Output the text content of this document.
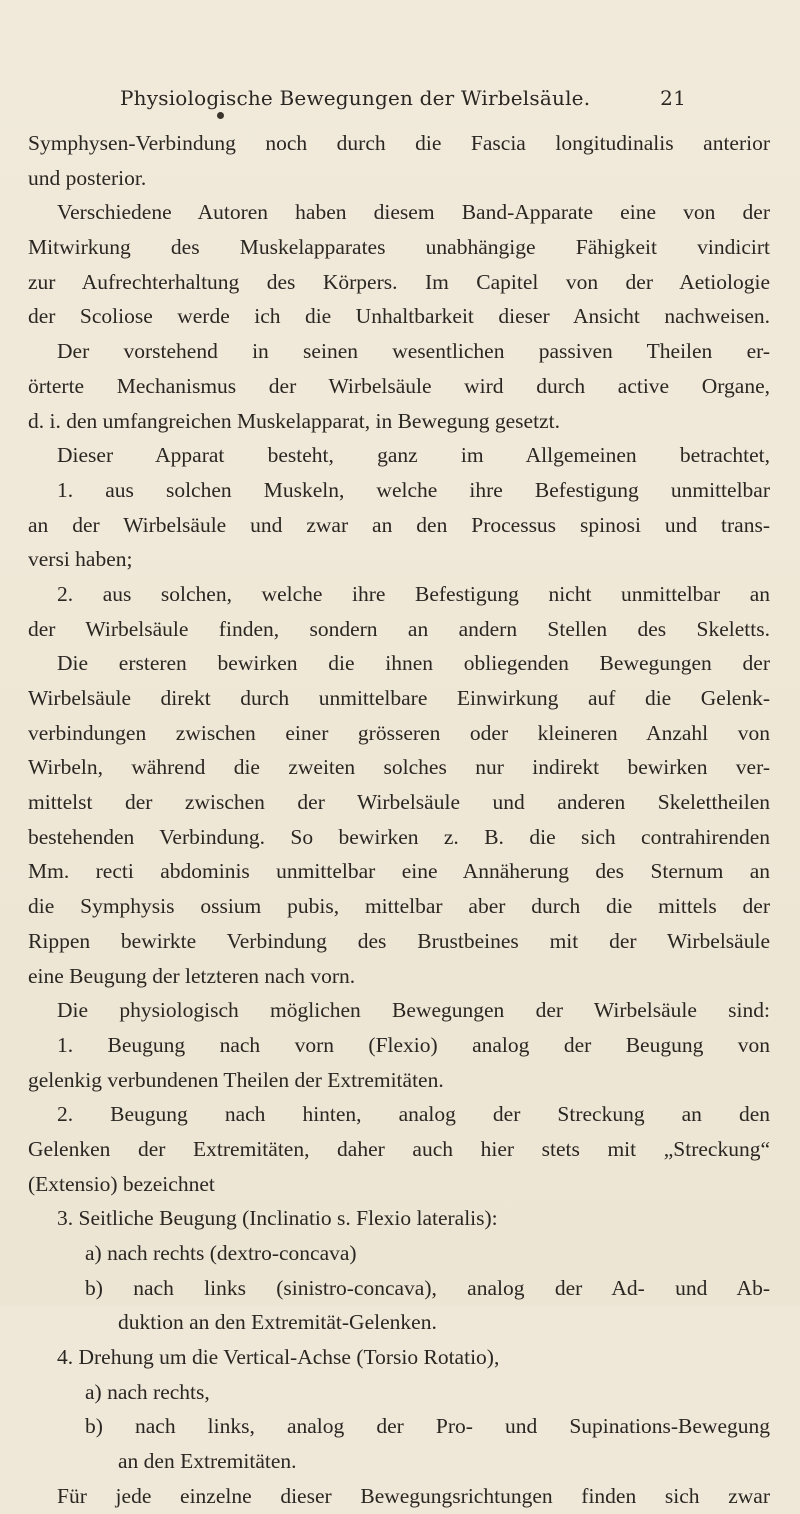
Physiologische Bewegungen der Wirbelsäule.	21
Symphysen-Verbindung noch durch die Fascia longitudinalis anterior
und posterior.
Verschiedene Autoren haben diesem Band-Apparate eine von der
Mitwirkung des Muskelapparates unabhängige Fähigkeit vindicirt
zur Aufrechterhaltung des Körpers. Im Capitel von der Aetiologie
der Scoliose werde ich die Unhaltbarkeit dieser Ansicht nachweisen.
Der vorstehend in seinen wesentlichen passiven Theilen er-
örterte Mechanismus der Wirbelsäule wird durch active Organe,
d. i. den umfangreichen Muskelapparat, in Bewegung gesetzt.
Dieser Apparat besteht, ganz im Allgemeinen betrachtet,
1. aus solchen Muskeln, welche ihre Befestigung unmittelbar
an der Wirbelsäule und zwar an den Processus spinosi und trans-
versi haben;
2. aus solchen, welche ihre Befestigung nicht unmittelbar an
der Wirbelsäule finden, sondern an andern Stellen des Skeletts.
Die ersteren bewirken die ihnen obliegenden Bewegungen der
Wirbelsäule direkt durch unmittelbare Einwirkung auf die Gelenk-
verbindungen zwischen einer grösseren oder kleineren Anzahl von
Wirbeln, während die zweiten solches nur indirekt bewirken ver-
mittelst der zwischen der Wirbelsäule und anderen Skelettheilen
bestehenden Verbindung. So bewirken z. B. die sich contrahirenden
Mm. recti abdominis unmittelbar eine Annäherung des Sternum an
die Symphysis ossium pubis, mittelbar aber durch die mittels der
Rippen bewirkte Verbindung des Brustbeines mit der Wirbelsäule
eine Beugung der letzteren nach vorn.
Die physiologisch möglichen Bewegungen der Wirbelsäule sind:
1. Beugung nach vorn (Flexio) analog der Beugung von
gelenkig verbundenen Theilen der Extremitäten.
2. Beugung nach hinten, analog der Streckung an den
Gelenken der Extremitäten, daher auch hier stets mit „Streckung“
(Extensio) bezeichnet
3. Seitliche Beugung (Inclinatio s. Flexio lateralis):
a) nach rechts (dextro-concava)
b) nach links (sinistro-concava), analog der Ad- und Ab-
duktion an den Extremität-Gelenken.
4. Drehung um die Vertical-Achse (Torsio Rotatio),
a) nach rechts,
b) nach links, analog der Pro- und Supinations-Bewegung
an den Extremitäten.
Für jede einzelne dieser Bewegungsrichtungen finden sich zwar
